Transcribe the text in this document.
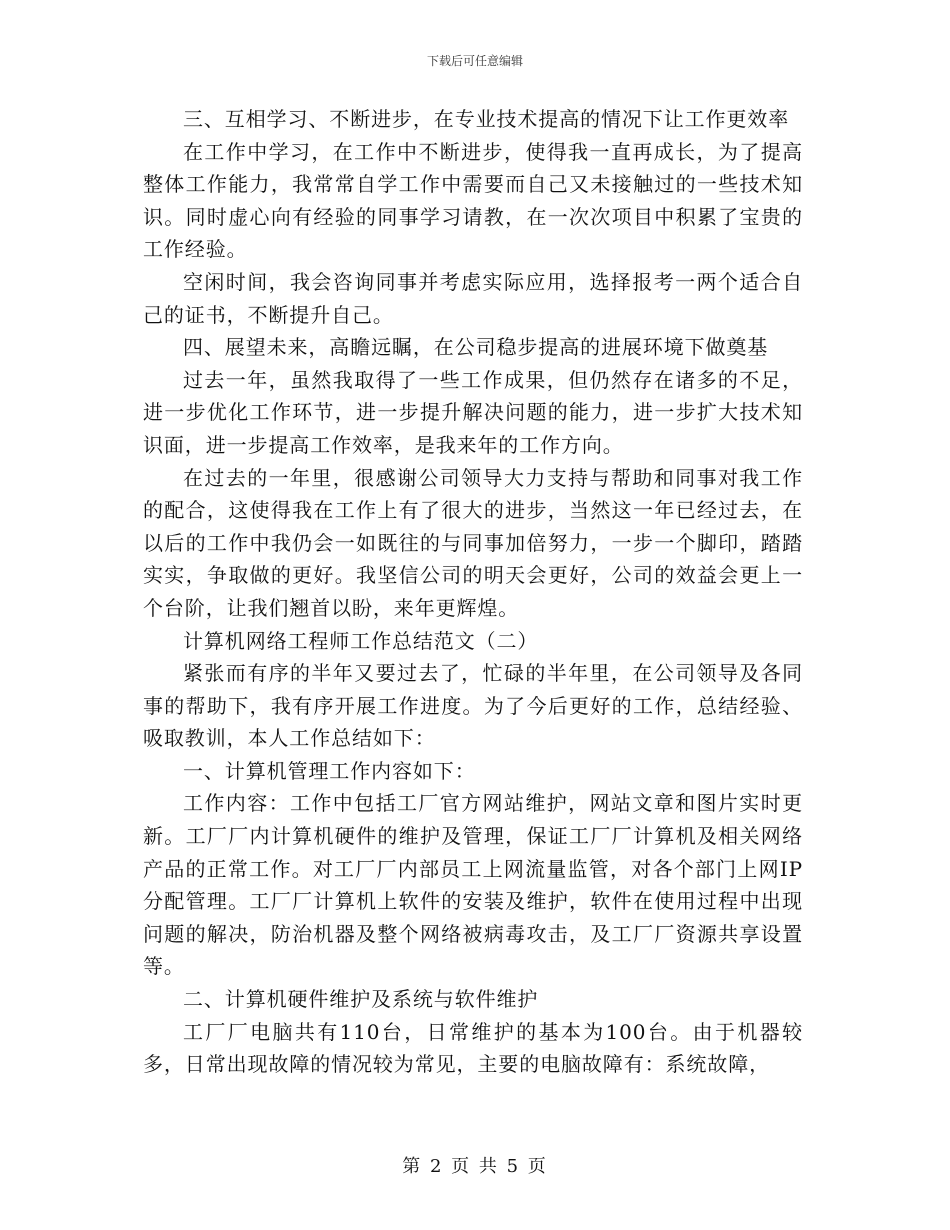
下载后可任意编辑

三、互相学习、不断进步，在专业技术提高的情况下让工作更效率

在工作中学习，在工作中不断进步，使得我一直再成长，为了提高整体工作能力，我常常自学工作中需要而自己又未接触过的一些技术知识。同时虚心向有经验的同事学习请教，在一次次项目中积累了宝贵的工作经验。

空闲时间，我会咨询同事并考虑实际应用，选择报考一两个适合自己的证书，不断提升自己。

四、展望未来，高瞻远瞩，在公司稳步提高的进展环境下做奠基

过去一年，虽然我取得了一些工作成果，但仍然存在诸多的不足，进一步优化工作环节，进一步提升解决问题的能力，进一步扩大技术知识面，进一步提高工作效率，是我来年的工作方向。

在过去的一年里，很感谢公司领导大力支持与帮助和同事对我工作的配合，这使得我在工作上有了很大的进步，当然这一年已经过去，在以后的工作中我仍会一如既往的与同事加倍努力，一步一个脚印，踏踏实实，争取做的更好。我坚信公司的明天会更好，公司的效益会更上一个台阶，让我们翘首以盼，来年更辉煌。

计算机网络工程师工作总结范文（二）

紧张而有序的半年又要过去了，忙碌的半年里，在公司领导及各同事的帮助下，我有序开展工作进度。为了今后更好的工作，总结经验、吸取教训，本人工作总结如下：

一、计算机管理工作内容如下：

工作内容：工作中包括工厂官方网站维护，网站文章和图片实时更新。工厂厂内计算机硬件的维护及管理，保证工厂厂计算机及相关网络产品的正常工作。对工厂厂内部员工上网流量监管，对各个部门上网IP分配管理。工厂厂计算机上软件的安装及维护，软件在使用过程中出现问题的解决，防治机器及整个网络被病毒攻击，及工厂厂资源共享设置等。

二、计算机硬件维护及系统与软件维护

工厂厂电脑共有110台，日常维护的基本为100台。由于机器较多，日常出现故障的情况较为常见，主要的电脑故障有：系统故障，

第 2 页 共 5 页
